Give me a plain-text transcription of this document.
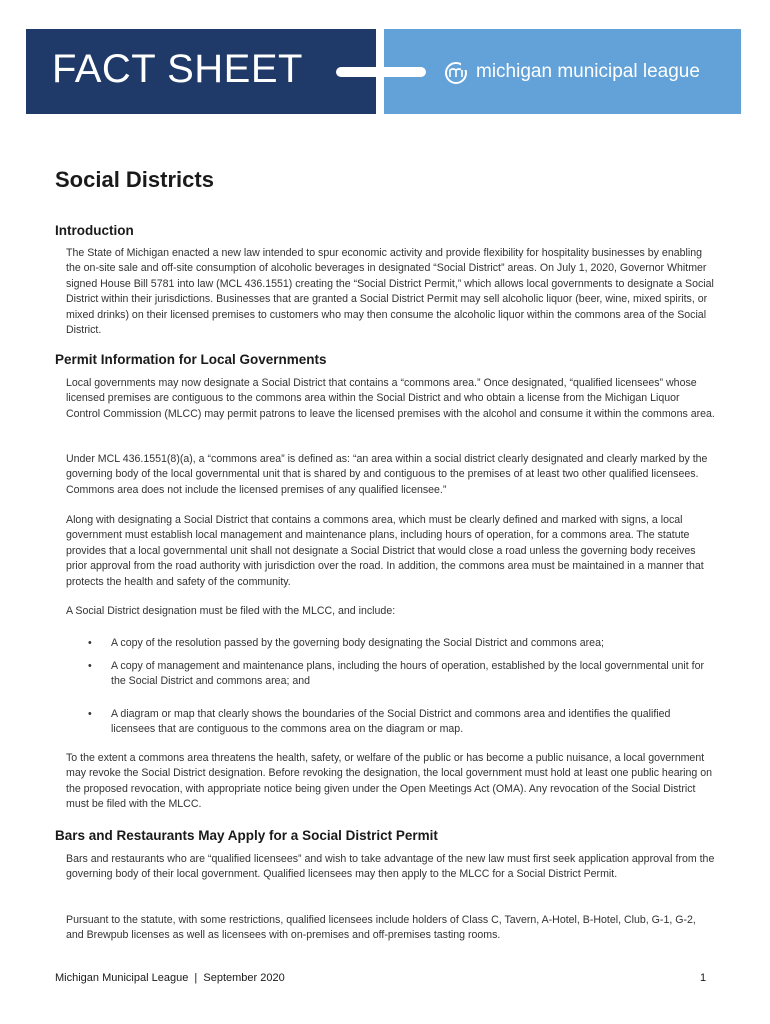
FACT SHEET	michigan municipal league
Social Districts
Introduction

The State of Michigan enacted a new law intended to spur economic activity and provide flexibility for hospitality businesses by enabling the on-site sale and off-site consumption of alcoholic beverages in designated “Social District” areas. On July 1, 2020, Governor Whitmer signed House Bill 5781 into law (MCL 436.1551) creating the “Social District Permit,” which allows local governments to designate a Social District within their jurisdictions. Businesses that are granted a Social District Permit may sell alcoholic liquor (beer, wine, mixed spirits, or mixed drinks) on their licensed premises to customers who may then consume the alcoholic liquor within the commons area of the Social District.

Permit Information for Local Governments

Local governments may now designate a Social District that contains a “commons area.” Once designated, “qualified licensees” whose licensed premises are contiguous to the commons area within the Social District and who obtain a license from the Michigan Liquor Control Commission (MLCC) may permit patrons to leave the licensed premises with the alcohol and consume it within the commons area.

Under MCL 436.1551(8)(a), a “commons area” is defined as: “an area within a social district clearly designated and clearly marked by the governing body of the local governmental unit that is shared by and contiguous to the premises of at least two other qualified licensees. Commons area does not include the licensed premises of any qualified licensee.”

Along with designating a Social District that contains a commons area, which must be clearly defined and marked with signs, a local government must establish local management and maintenance plans, including hours of operation, for a commons area. The statute provides that a local governmental unit shall not designate a Social District that would close a road unless the governing body receives prior approval from the road authority with jurisdiction over the road. In addition, the commons area must be maintained in a manner that protects the health and safety of the community.

A Social District designation must be filed with the MLCC, and include:

• A copy of the resolution passed by the governing body designating the Social District and commons area;
• A copy of management and maintenance plans, including the hours of operation, established by the local governmental unit for the Social District and commons area; and
• A diagram or map that clearly shows the boundaries of the Social District and commons area and identifies the qualified licensees that are contiguous to the commons area on the diagram or map.

To the extent a commons area threatens the health, safety, or welfare of the public or has become a public nuisance, a local government may revoke the Social District designation. Before revoking the designation, the local government must hold at least one public hearing on the proposed revocation, with appropriate notice being given under the Open Meetings Act (OMA). Any revocation of the Social District must be filed with the MLCC.

Bars and Restaurants May Apply for a Social District Permit

Bars and restaurants who are “qualified licensees” and wish to take advantage of the new law must first seek application approval from the governing body of their local government. Qualified licensees may then apply to the MLCC for a Social District Permit.

Pursuant to the statute, with some restrictions, qualified licensees include holders of Class C, Tavern, A-Hotel, B-Hotel, Club, G-1, G-2, and Brewpub licenses as well as licensees with on-premises and off-premises tasting rooms.

Michigan Municipal League  |  September 2020	1
